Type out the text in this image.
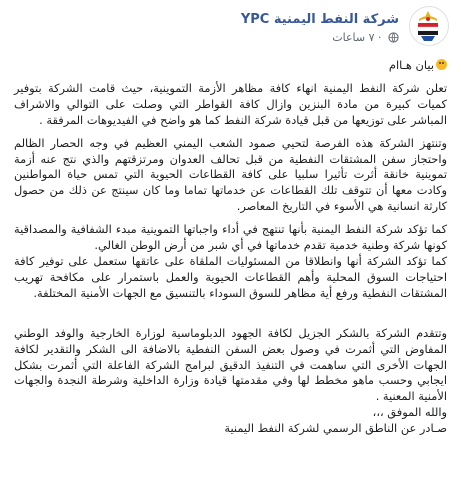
شركة النفط اليمنية YPC
· ٧ ساعات

بيان هـاام

تعلن شركة النفط اليمنية انهاء كافة مظاهر الأزمة التموينية، حيث قامت الشركة بتوفير كميات كبيرة من مادة البنزين وازال كافة القواطر التي وصلت على التوالي والاشراف المباشر على توزيعها من قبل قيادة شركة النفط كما هو واضح في الفيديوهات المرفقة .

وتنتهز الشركة هذه الفرصة لتحيي صمود الشعب اليمني العظيم في وجه الحصار الظالم واحتجاز سفن المشتقات النفطية من قبل تحالف العدوان ومرتزقتهم والذي نتج عنه أزمة تموينية خانقة أثرت تأثيرا سلبيا على كافة القطاعات الحيوية التي تمس حياة المواطنين وكادت معها أن تتوقف تلك القطاعات عن خدماتها تماما وما كان سينتج عن ذلك من حصول كارثة انسانية هي الأسوء في التاريخ المعاصر.

كما تؤكد شركة النفط اليمنية بأنها تنتهج في أداء واجباتها التموينية مبدء الشفافية والمصداقية كونها شركة وطنية خدمية تقدم خدماتها في أي شبر من أرض الوطن الغالي.

كما تؤكد الشركة أنها وانطلاقا من المسئوليات الملقاة على عاتقها ستعمل على توفير كافة احتياجات السوق المحلية وأهم القطاعات الحيوية والعمل باستمرار على مكافحة تهريب المشتقات النفطية ورفع أية مظاهر للسوق السوداء بالتنسيق مع الجهات الأمنية المختلفة.

وتتقدم الشركة بالشكر الجزيل لكافة الجهود الدبلوماسية لوزارة الخارجية والوفد الوطني المفاوض التي أثمرت في وصول بعض السفن النفطية بالاضافة الى الشكر والتقدير لكافة الجهات الأخرى التي ساهمت في التنفيذ الدقيق لبرامج الشركة الفاعلة التي أثمرت بشكل ايجابي وحسب ماهو مخطط لها وفي مقدمتها قيادة وزارة الداخلية وشرطة النجدة والجهات الأمنية المعنية .

والله الموفق ،،،

صـادر عن الناطق الرسمي لشركة النفط اليمنية
